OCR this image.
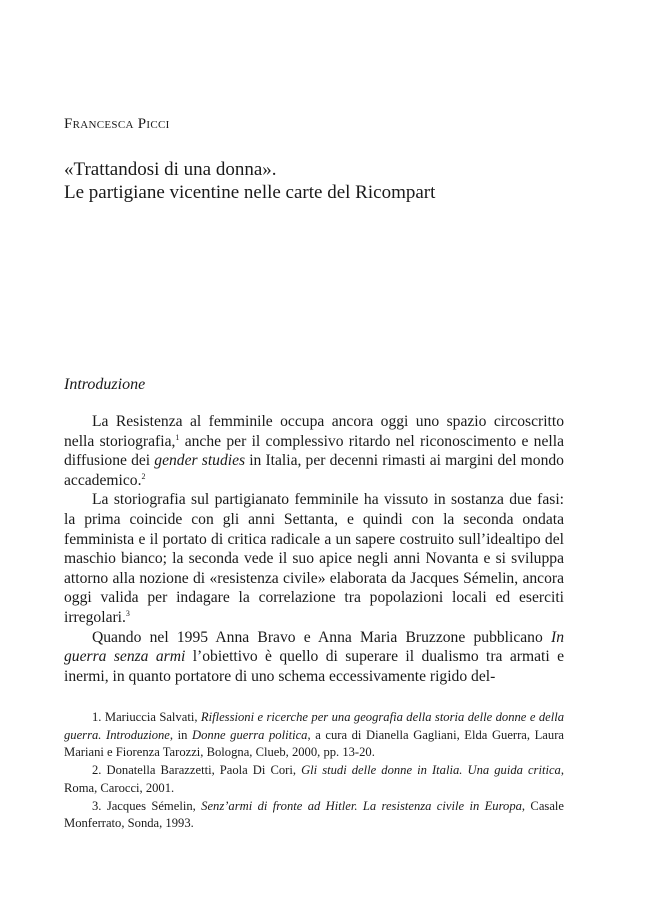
Francesca Picci
«Trattandosi di una donna».
Le partigiane vicentine nelle carte del Ricompart
Introduzione

La Resistenza al femminile occupa ancora oggi uno spazio circoscritto nella storiografia,$^1$ anche per il complessivo ritardo nel riconoscimento e nella diffusione dei gender studies in Italia, per decenni rimasti ai margini del mondo accademico.$^2$

La storiografia sul partigianato femminile ha vissuto in sostanza due fasi: la prima coincide con gli anni Settanta, e quindi con la seconda ondata femminista e il portato di critica radicale a un sapere costruito sull’idealtipo del maschio bianco; la seconda vede il suo apice negli anni Novanta e si sviluppa attorno alla nozione di «resistenza civile» elaborata da Jacques Sémelin, ancora oggi valida per indagare la correlazione tra popolazioni locali ed eserciti irregolari.$^3$

Quando nel 1995 Anna Bravo e Anna Maria Bruzzone pubblicano In guerra senza armi l’obiettivo è quello di superare il dualismo tra armati e inermi, in quanto portatore di uno schema eccessivamente rigido del-

1. Mariuccia Salvati, Riflessioni e ricerche per una geografia della storia delle donne e della guerra. Introduzione, in Donne guerra politica, a cura di Dianella Gagliani, Elda Guerra, Laura Mariani e Fiorenza Tarozzi, Bologna, Clueb, 2000, pp. 13-20.

2. Donatella Barazzetti, Paola Di Cori, Gli studi delle donne in Italia. Una guida critica, Roma, Carocci, 2001.

3. Jacques Sémelin, Senz’armi di fronte ad Hitler. La resistenza civile in Europa, Casale Monferrato, Sonda, 1993.
